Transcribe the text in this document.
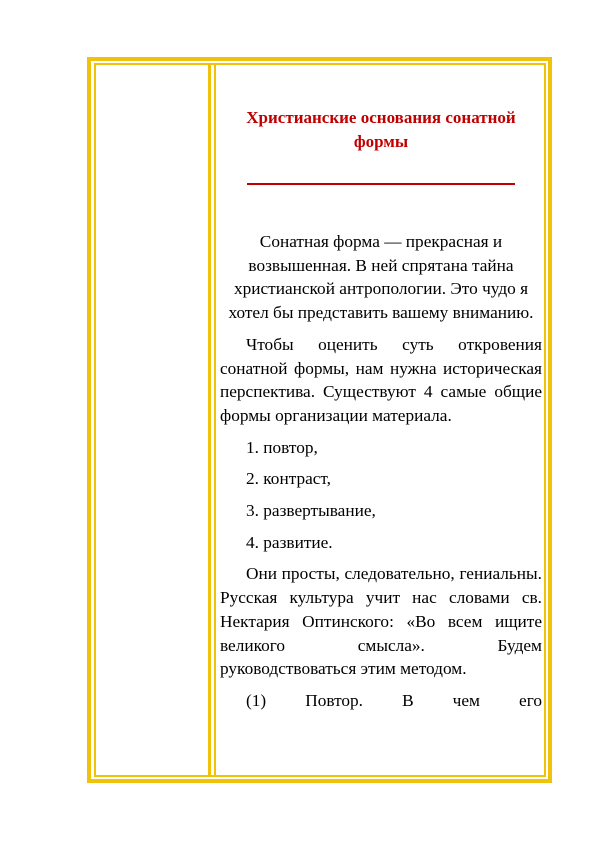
Христианские основания сонатной формы

Сонатная форма — прекрасная и возвышенная. В ней спрятана тайна христианской антропологии. Это чудо я хотел бы представить вашему вниманию.

Чтобы оценить суть откровения сонатной формы, нам нужна историческая перспектива. Существуют 4 самые общие формы организации материала.

1. повтор,
2. контраст,
3. развертывание,
4. развитие.

Они просты, следовательно, гениальны. Русская культура учит нас словами св. Нектария Оптинского: «Во всем ищите великого смысла». Будем руководствоваться этим методом.

(1) Повтор. В чем его
